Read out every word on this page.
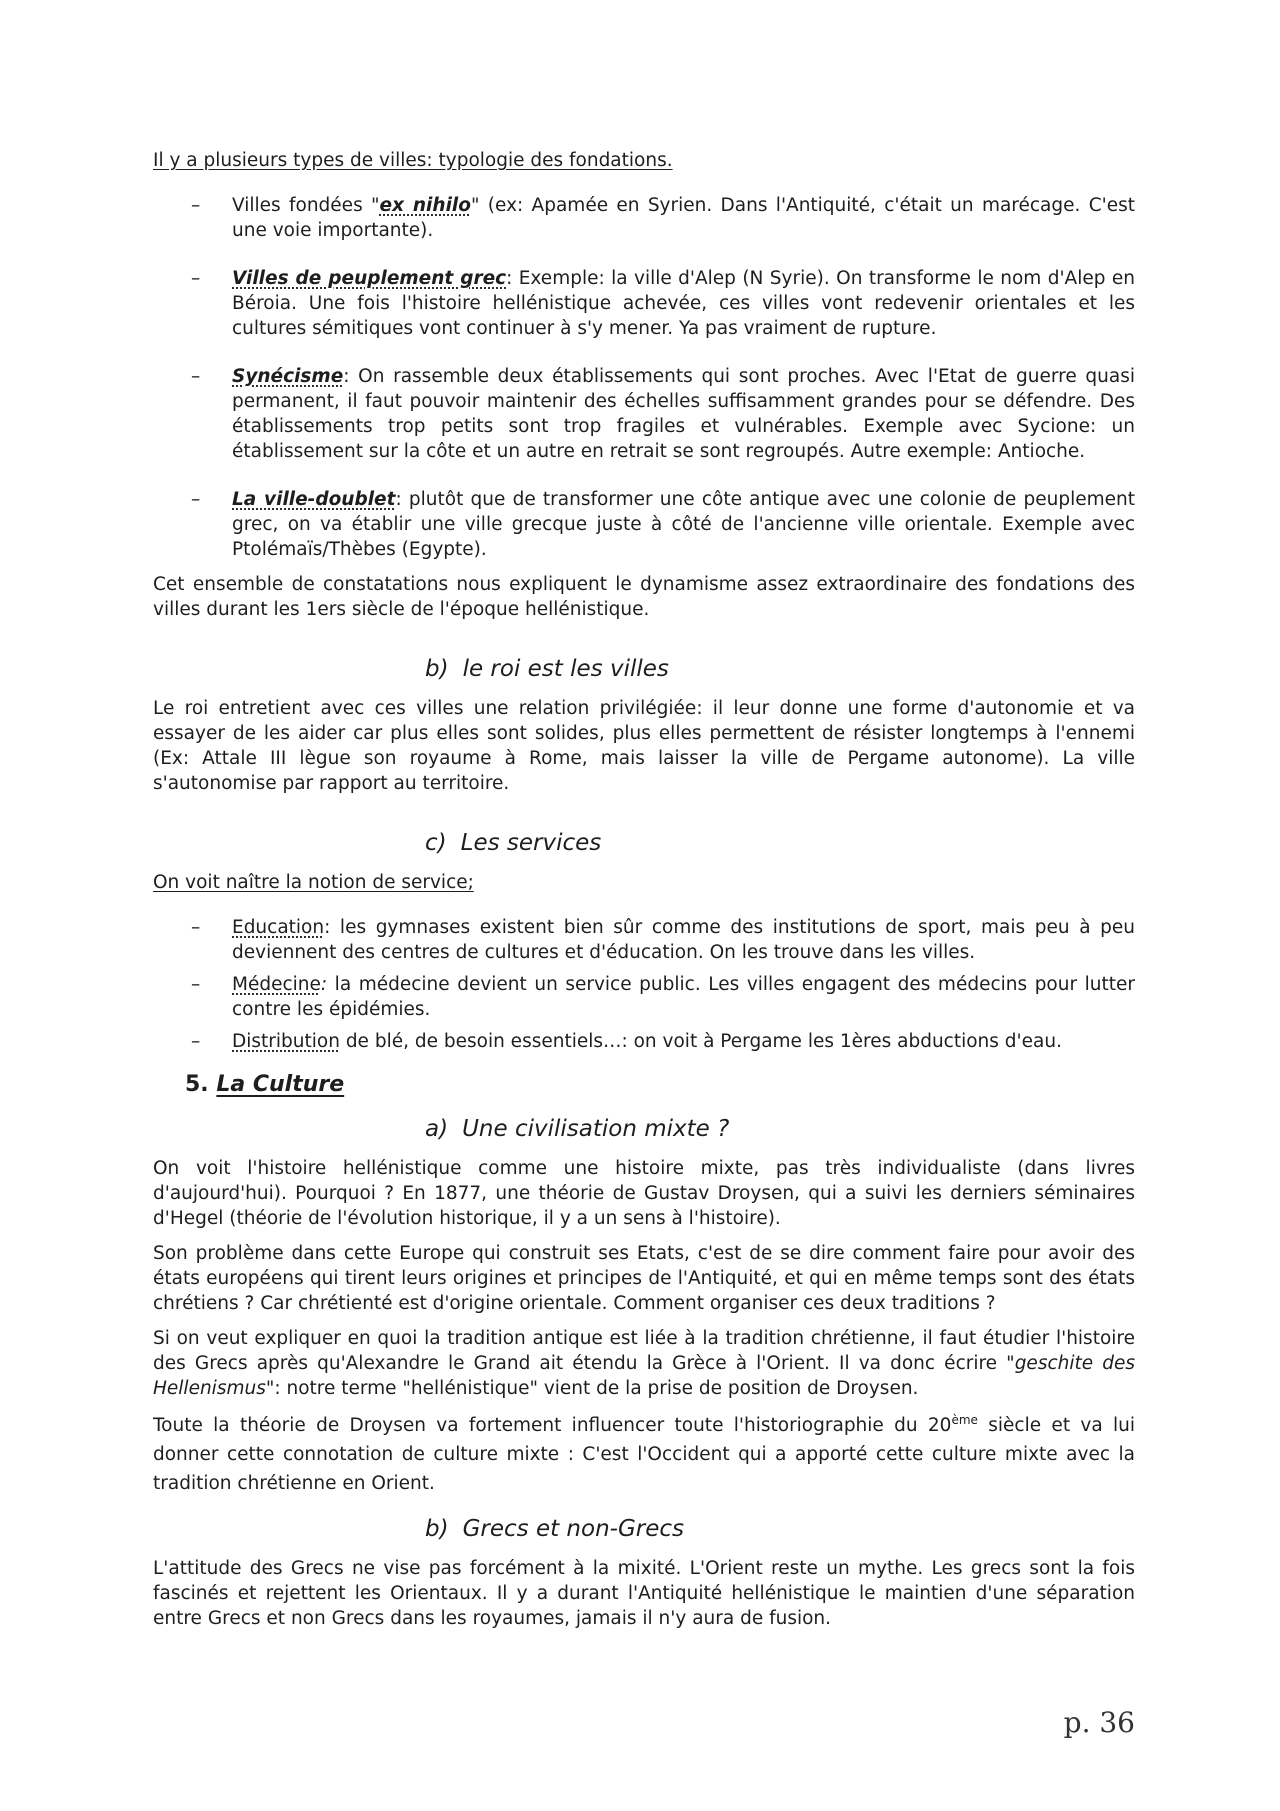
Il y a plusieurs types de villes: typologie des fondations.

– Villes fondées "ex nihilo" (ex: Apamée en Syrien. Dans l'Antiquité, c'était un marécage. C'est une voie importante).
– Villes de peuplement grec: Exemple: la ville d'Alep (N Syrie). On transforme le nom d'Alep en Béroia. Une fois l'histoire hellénistique achevée, ces villes vont redevenir orientales et les cultures sémitiques vont continuer à s'y mener. Ya pas vraiment de rupture.
– Synécisme: On rassemble deux établissements qui sont proches. Avec l'Etat de guerre quasi permanent, il faut pouvoir maintenir des échelles suffisamment grandes pour se défendre. Des établissements trop petits sont trop fragiles et vulnérables. Exemple avec Sycione: un établissement sur la côte et un autre en retrait se sont regroupés. Autre exemple: Antioche.
– La ville-doublet: plutôt que de transformer une côte antique avec une colonie de peuplement grec, on va établir une ville grecque juste à côté de l'ancienne ville orientale. Exemple avec Ptolémaïs/Thèbes (Egypte).

Cet ensemble de constatations nous expliquent le dynamisme assez extraordinaire des fondations des villes durant les 1ers siècle de l'époque hellénistique.

b) le roi est les villes

Le roi entretient avec ces villes une relation privilégiée: il leur donne une forme d'autonomie et va essayer de les aider car plus elles sont solides, plus elles permettent de résister longtemps à l'ennemi (Ex: Attale III lègue son royaume à Rome, mais laisser la ville de Pergame autonome). La ville s'autonomise par rapport au territoire.

c) Les services

On voit naître la notion de service;

– Education: les gymnases existent bien sûr comme des institutions de sport, mais peu à peu deviennent des centres de cultures et d'éducation. On les trouve dans les villes.
– Médecine: la médecine devient un service public. Les villes engagent des médecins pour lutter contre les épidémies.
– Distribution de blé, de besoin essentiels…: on voit à Pergame les 1ères abductions d'eau.
5. La Culture
a) Une civilisation mixte ?

On voit l'histoire hellénistique comme une histoire mixte, pas très individualiste (dans livres d'aujourd'hui). Pourquoi ? En 1877, une théorie de Gustav Droysen, qui a suivi les derniers séminaires d'Hegel (théorie de l'évolution historique, il y a un sens à l'histoire).

Son problème dans cette Europe qui construit ses Etats, c'est de se dire comment faire pour avoir des états européens qui tirent leurs origines et principes de l'Antiquité, et qui en même temps sont des états chrétiens ? Car chrétienté est d'origine orientale. Comment organiser ces deux traditions ?

Si on veut expliquer en quoi la tradition antique est liée à la tradition chrétienne, il faut étudier l'histoire des Grecs après qu'Alexandre le Grand ait étendu la Grèce à l'Orient. Il va donc écrire "geschite des Hellenismus": notre terme "hellénistique" vient de la prise de position de Droysen.

Toute la théorie de Droysen va fortement influencer toute l'historiographie du 20ème siècle et va lui donner cette connotation de culture mixte : C'est l'Occident qui a apporté cette culture mixte avec la tradition chrétienne en Orient.

b) Grecs et non-Grecs

L'attitude des Grecs ne vise pas forcément à la mixité. L'Orient reste un mythe. Les grecs sont la fois fascinés et rejettent les Orientaux. Il y a durant l'Antiquité hellénistique le maintien d'une séparation entre Grecs et non Grecs dans les royaumes, jamais il n'y aura de fusion.

p. 36
